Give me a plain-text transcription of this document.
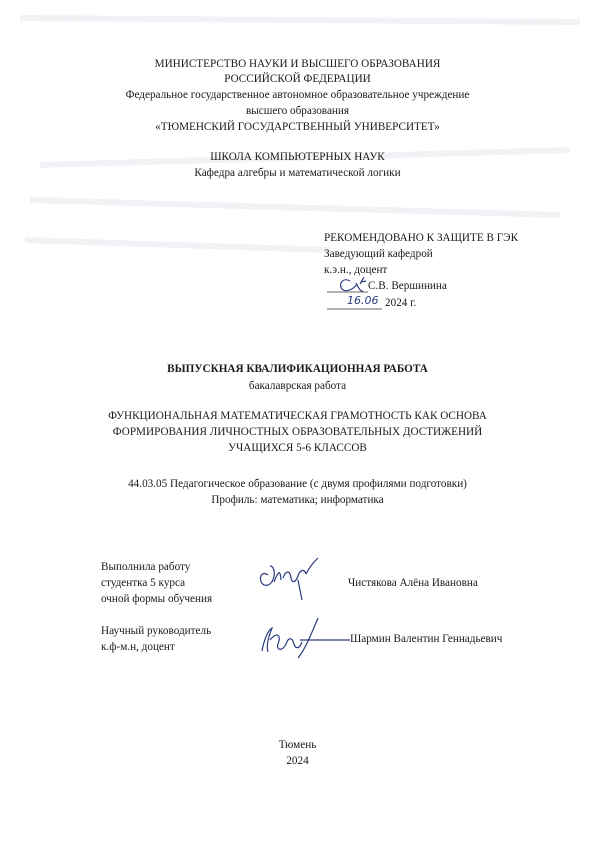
МИНИСТЕРСТВО НАУКИ И ВЫСШЕГО ОБРАЗОВАНИЯ
РОССИЙСКОЙ ФЕДЕРАЦИИ
Федеральное государственное автономное образовательное учреждение
высшего образования
«ТЮМЕНСКИЙ ГОСУДАРСТВЕННЫЙ УНИВЕРСИТЕТ»
ШКОЛА КОМПЬЮТЕРНЫХ НАУК
Кафедра алгебры и математической логики
РЕКОМЕНДОВАНО К ЗАЩИТЕ В ГЭК
Заведующий кафедрой
к.э.н., доцент
С.В. Вершинина
2024 г.
16.06
ВЫПУСКНАЯ КВАЛИФИКАЦИОННАЯ РАБОТА
бакалаврская работа
ФУНКЦИОНАЛЬНАЯ МАТЕМАТИЧЕСКАЯ ГРАМОТНОСТЬ КАК ОСНОВА
ФОРМИРОВАНИЯ ЛИЧНОСТНЫХ ОБРАЗОВАТЕЛЬНЫХ ДОСТИЖЕНИЙ
УЧАЩИХСЯ 5-6 КЛАССОВ
44.03.05 Педагогическое образование (с двумя профилями подготовки)
Профиль: математика; информатика
Выполнила работу
студентка 5 курса
очной формы обучения
Чистякова Алёна Ивановна
Научный руководитель
к.ф-м.н, доцент
Шармин Валентин Геннадьевич
Тюмень
2024
